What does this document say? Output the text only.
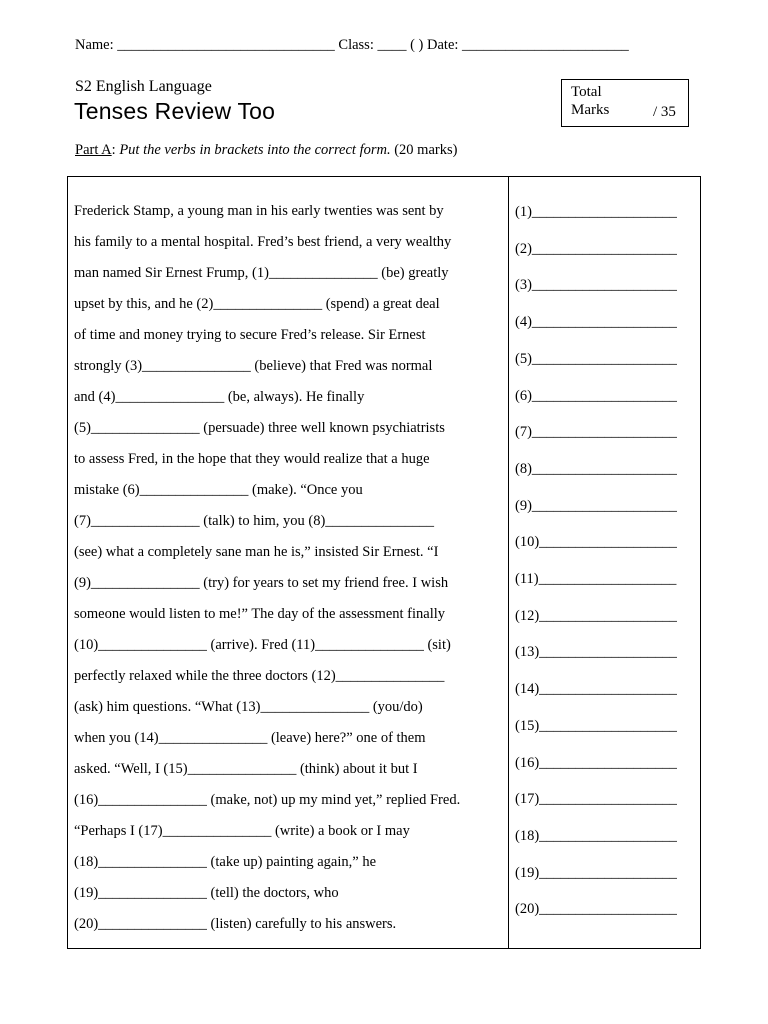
Name: ______________________________ Class: ____ ( ) Date: _______________________
S2 English Language
Tenses Review Too
Total
Marks	/ 35
Part A: Put the verbs in brackets into the correct form. (20 marks)
Frederick Stamp, a young man in his early twenties was sent by
his family to a mental hospital. Fred’s best friend, a very wealthy
man named Sir Ernest Frump, (1)_______________ (be) greatly
upset by this, and he (2)_______________ (spend) a great deal
of time and money trying to secure Fred’s release. Sir Ernest
strongly (3)_______________ (believe) that Fred was normal
and (4)_______________ (be, always). He finally
(5)_______________ (persuade) three well known psychiatrists
to assess Fred, in the hope that they would realize that a huge
mistake (6)_______________ (make). “Once you
(7)_______________ (talk) to him, you (8)_______________
(see) what a completely sane man he is,” insisted Sir Ernest. “I
(9)_______________ (try) for years to set my friend free. I wish
someone would listen to me!” The day of the assessment finally
(10)_______________ (arrive). Fred (11)_______________ (sit)
perfectly relaxed while the three doctors (12)_______________
(ask) him questions. “What (13)_______________ (you/do)
when you (14)_______________ (leave) here?” one of them
asked. “Well, I (15)_______________ (think) about it but I
(16)_______________ (make, not) up my mind yet,” replied Fred.
“Perhaps I (17)_______________ (write) a book or I may
(18)_______________ (take up) painting again,” he
(19)_______________ (tell) the doctors, who
(20)_______________ (listen) carefully to his answers.
(1)____________________
(2)____________________
(3)____________________
(4)____________________
(5)____________________
(6)____________________
(7)____________________
(8)____________________
(9)____________________
(10)___________________
(11)___________________
(12)___________________
(13)___________________
(14)___________________
(15)___________________
(16)___________________
(17)___________________
(18)___________________
(19)___________________
(20)___________________
